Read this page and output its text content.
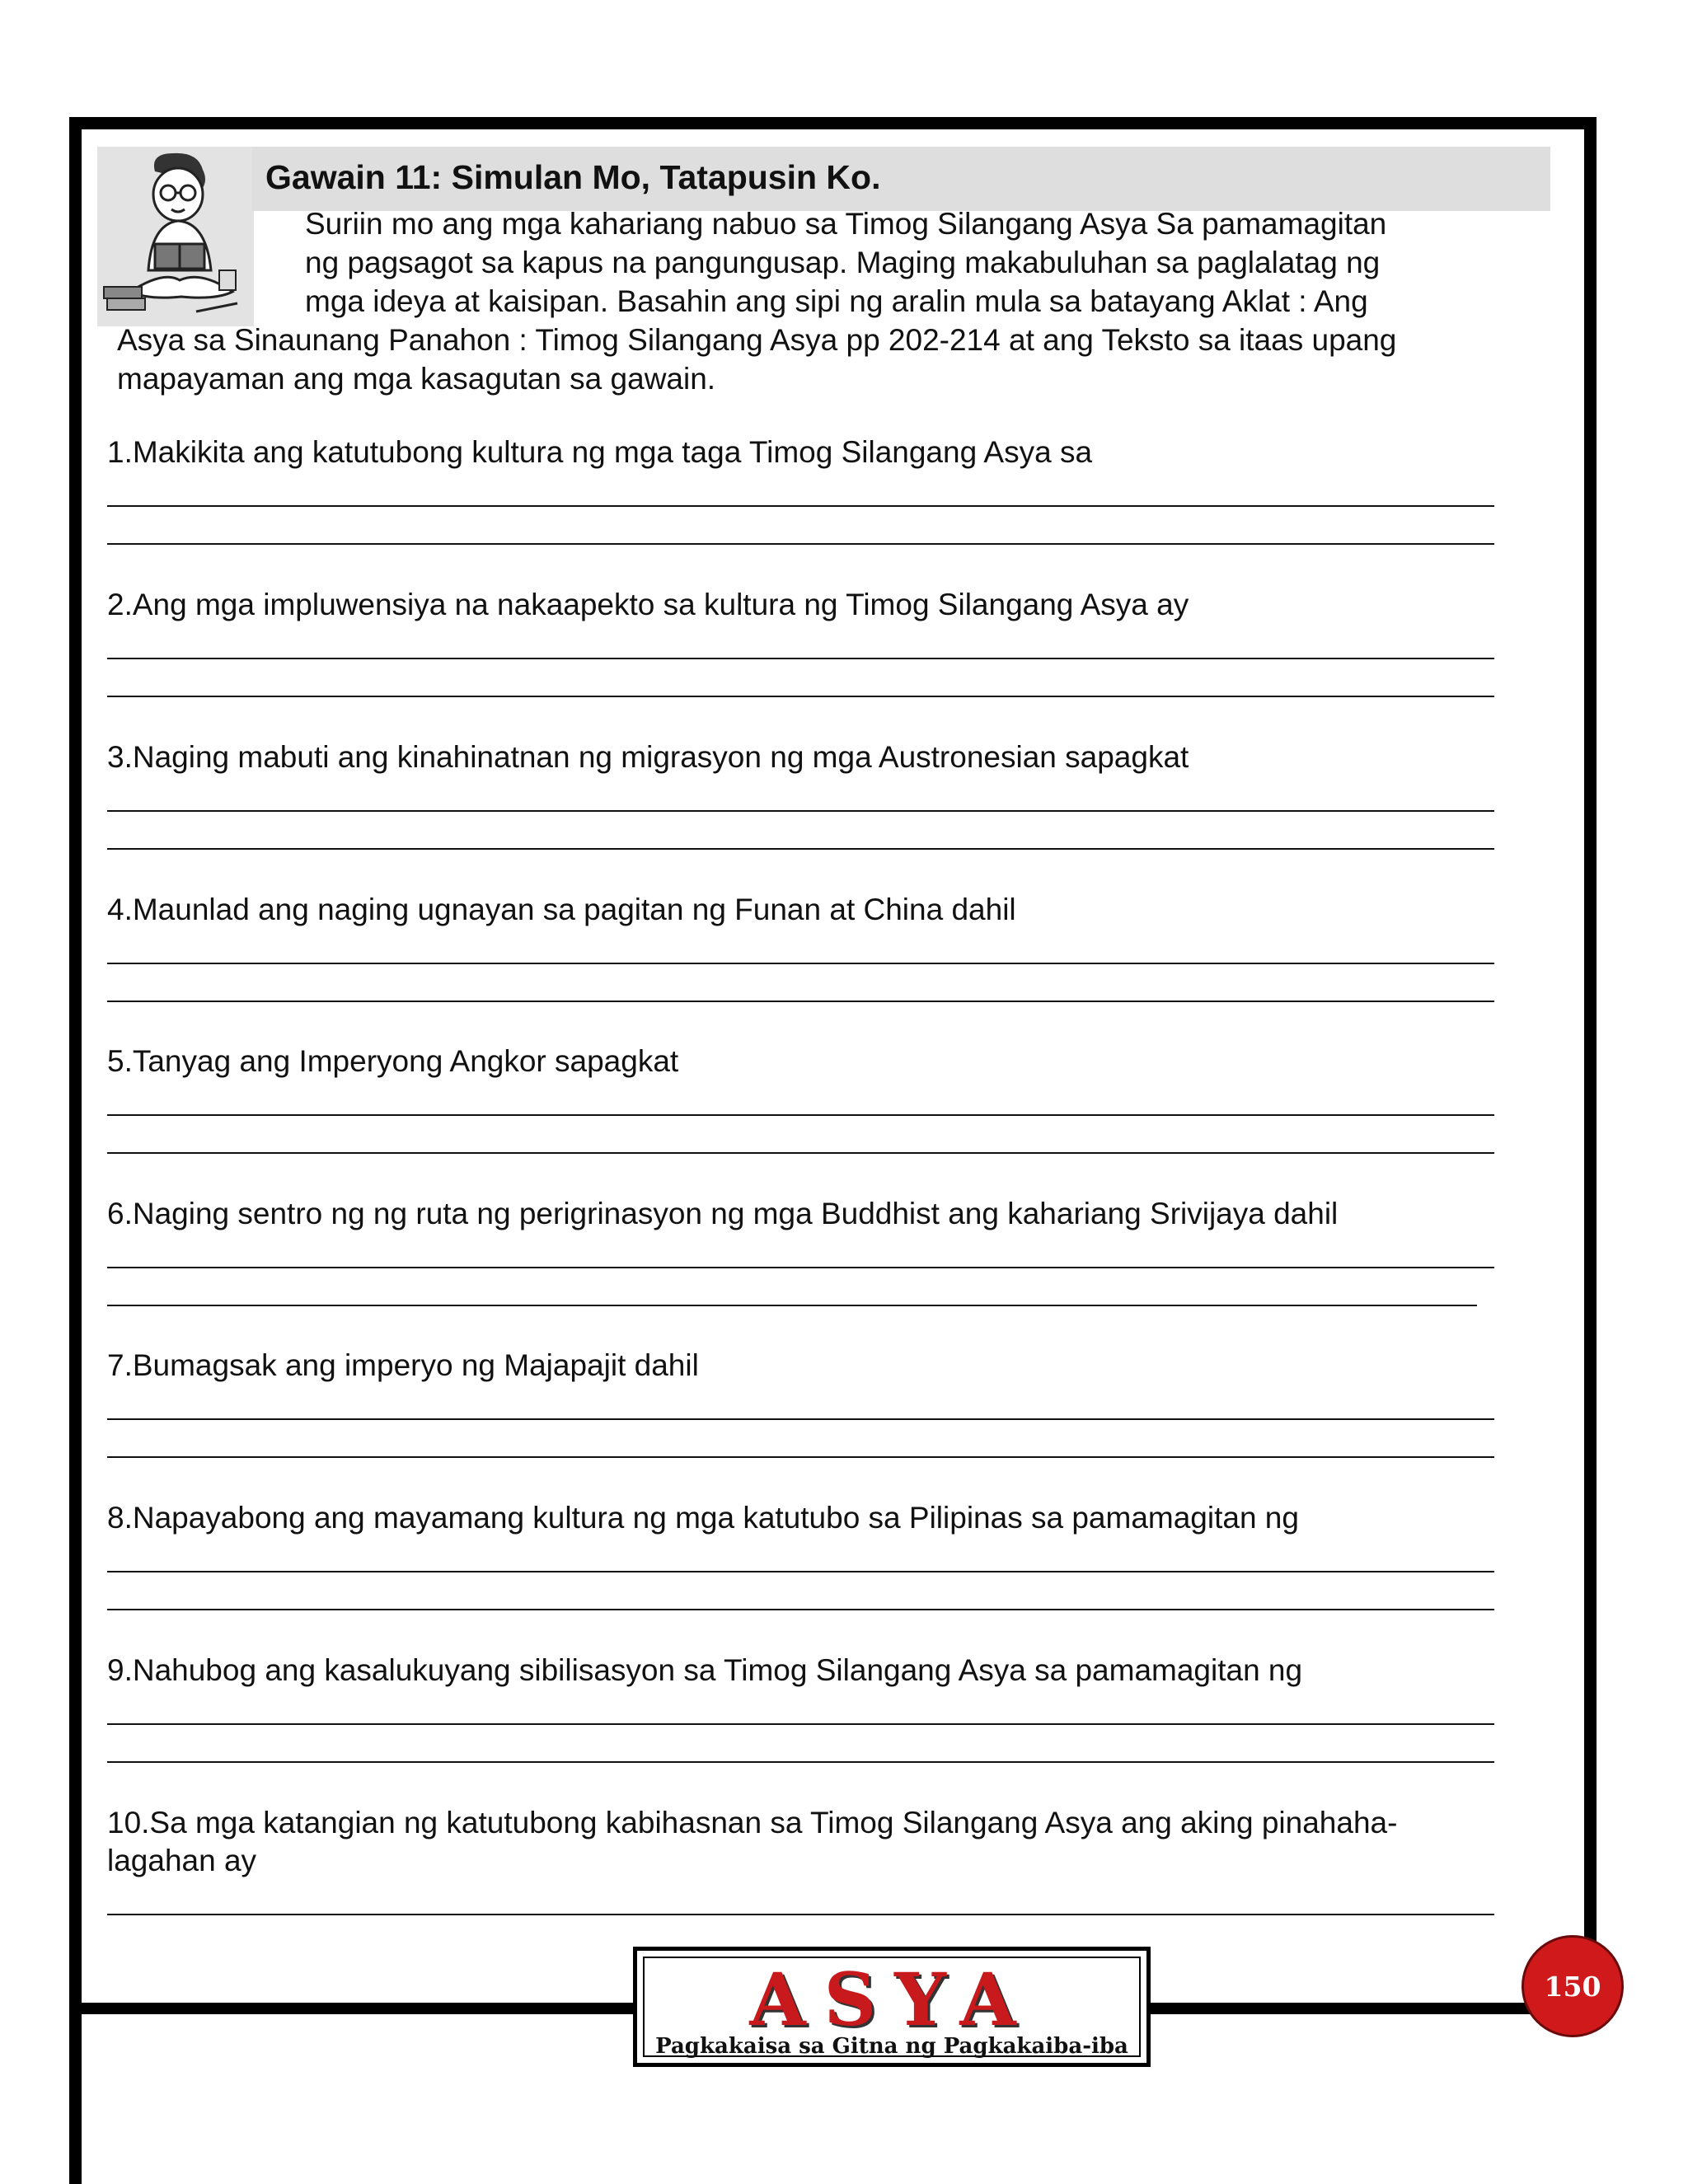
Gawain 11: Simulan Mo, Tatapusin Ko.

Suriin mo ang mga kahariang nabuo sa Timog Silangang Asya Sa pamamagitan
ng pagsagot sa kapus na pangungusap. Maging makabuluhan sa paglalatag ng
mga ideya at kaisipan. Basahin ang sipi ng aralin mula sa batayang Aklat : Ang
Asya sa Sinaunang Panahon : Timog Silangang Asya pp 202-214 at ang Teksto sa itaas upang
mapayaman ang mga kasagutan sa gawain.

1.Makikita ang katutubong kultura ng mga taga Timog Silangang Asya sa

2.Ang mga impluwensiya na nakaapekto sa kultura ng Timog Silangang Asya ay

3.Naging mabuti ang kinahinatnan ng migrasyon ng mga Austronesian sapagkat

4.Maunlad ang naging ugnayan sa pagitan ng Funan at China dahil

5.Tanyag ang Imperyong Angkor sapagkat

6.Naging sentro ng ng ruta ng perigrinasyon ng mga Buddhist ang kahariang Srivijaya dahil

7.Bumagsak ang imperyo ng Majapajit dahil

8.Napayabong ang mayamang kultura ng mga katutubo sa Pilipinas sa pamamagitan ng

9.Nahubog ang kasalukuyang sibilisasyon sa Timog Silangang Asya sa pamamagitan ng

10.Sa mga katangian ng katutubong kabihasnan sa Timog Silangang Asya ang aking pinahaha-

lagahan ay

ASYA
Pagkakaisa sa Gitna ng Pagkakaiba-iba
150
